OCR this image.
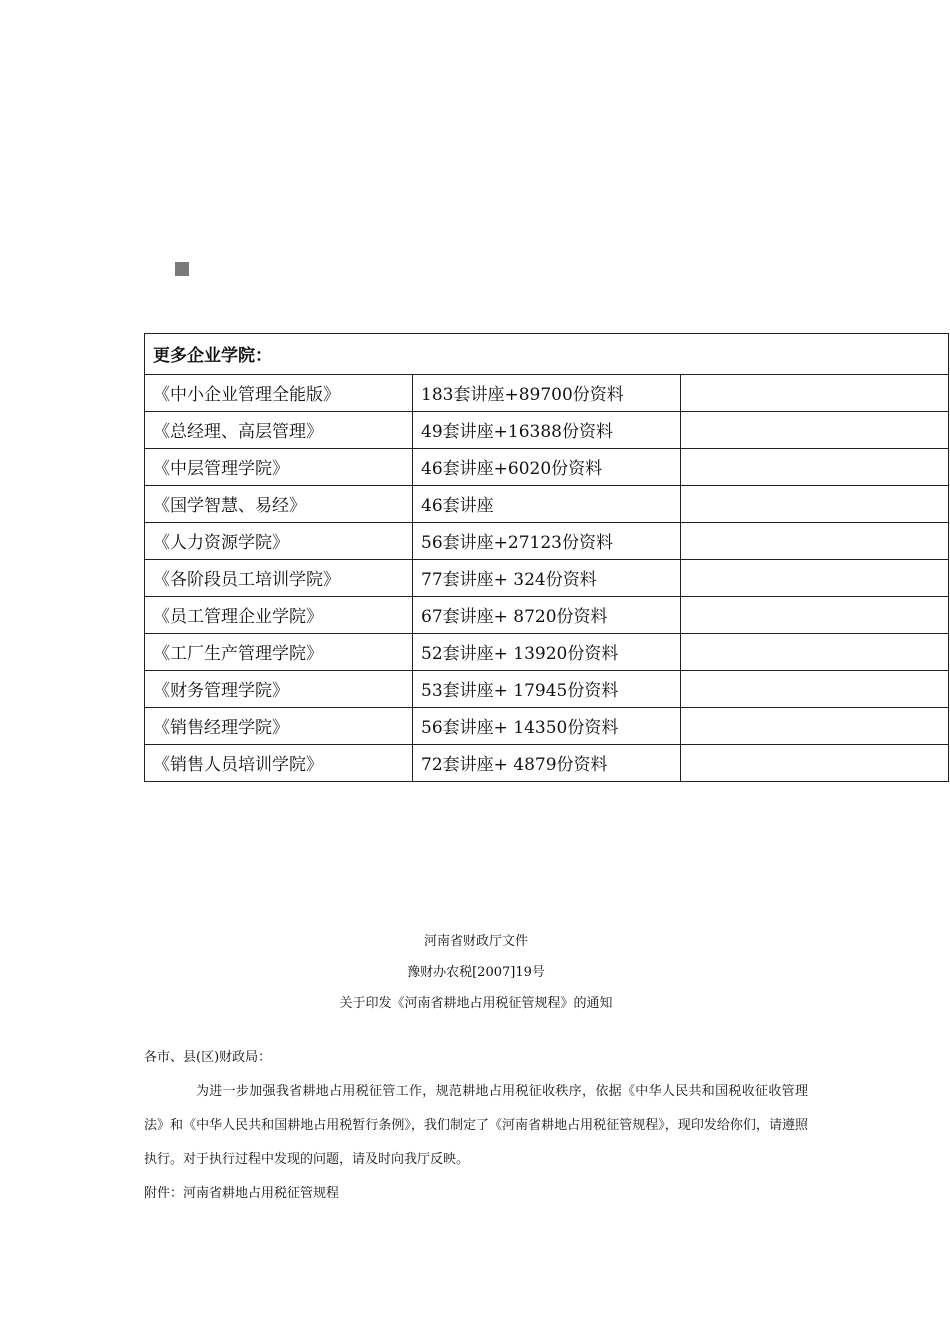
更多企业学院：		
《中小企业管理全能版》	183套讲座+89700份资料	
《总经理、高层管理》	49套讲座+16388份资料	
《中层管理学院》	46套讲座+6020份资料	
《国学智慧、易经》	46套讲座	
《人力资源学院》	56套讲座+27123份资料	
《各阶段员工培训学院》	77套讲座+ 324份资料	
《员工管理企业学院》	67套讲座+ 8720份资料	
《工厂生产管理学院》	52套讲座+ 13920份资料	
《财务管理学院》	53套讲座+ 17945份资料	
《销售经理学院》	56套讲座+ 14350份资料	
《销售人员培训学院》	72套讲座+ 4879份资料	
河南省财政厅文件
豫财办农税[2007]19号
关于印发《河南省耕地占用税征管规程》的通知
各市、县(区)财政局：
为进一步加强我省耕地占用税征管工作，规范耕地占用税征收秩序，依据《中华人民共和国税收征收管理法》和《中华人民共和国耕地占用税暂行条例》，我们制定了《河南省耕地占用税征管规程》，现印发给你们，请遵照执行。对于执行过程中发现的问题，请及时向我厅反映。
附件：河南省耕地占用税征管规程
